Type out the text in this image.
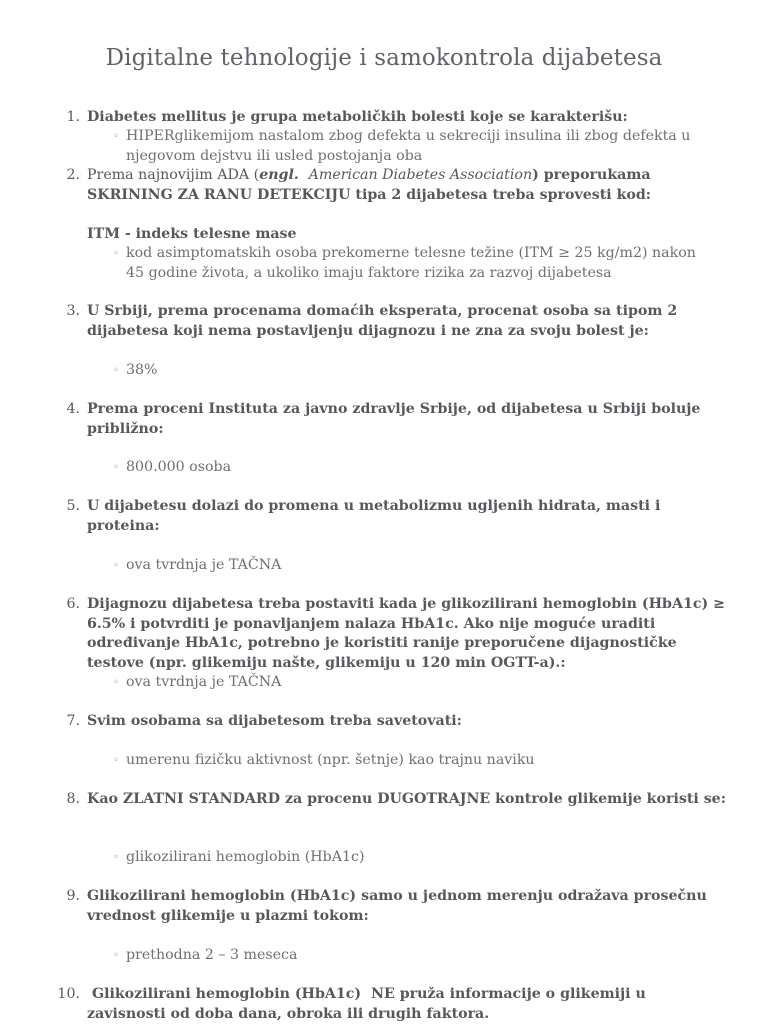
Digitalne tehnologije i samokontrola dijabetesa
1. Diabetes mellitus je grupa metaboličkih bolesti koje se karakterišu:

◦ HIPERglikemijom nastalom zbog defekta u sekreciji insulina ili zbog defekta u njegovom dejstvu ili usled postojanja oba

2. Prema najnovijim ADA (engl. American Diabetes Association) preporukama SKRINING ZA RANU DETEKCIJU tipa 2 dijabetesa treba sprovesti kod:

ITM - indeks telesne mase

◦ kod asimptomatskih osoba prekomerne telesne težine (ITM ≥ 25 kg/m2) nakon 45 godine života, a ukoliko imaju faktore rizika za razvoj dijabetesa

3. U Srbiji, prema procenama domaćih eksperata, procenat osoba sa tipom 2 dijabetesa koji nema postavljenju dijagnozu i ne zna za svoju bolest je:

◦ 38%

4. Prema proceni Instituta za javno zdravlje Srbije, od dijabetesa u Srbiji boluje približno:

◦ 800.000 osoba

5. U dijabetesu dolazi do promena u metabolizmu ugljenih hidrata, masti i proteina:

◦ ova tvrdnja je TAČNA

6. Dijagnozu dijabetesa treba postaviti kada je glikozilirani hemoglobin (HbA1c) ≥ 6.5% i potvrditi je ponavljanjem nalaza HbA1c. Ako nije moguće uraditi određivanje HbA1c, potrebno je koristiti ranije preporučene dijagnostičke testove (npr. glikemiju našte, glikemiju u 120 min OGTT-a).:

◦ ova tvrdnja je TAČNA

7. Svim osobama sa dijabetesom treba savetovati:

◦ umerenu fizičku aktivnost (npr. šetnje) kao trajnu naviku

8. Kao ZLATNI STANDARD za procenu DUGOTRAJNE kontrole glikemije koristi se:

◦ glikozilirani hemoglobin (HbA1c)

9. Glikozilirani hemoglobin (HbA1c) samo u jednom merenju odražava prosečnu vrednost glikemije u plazmi tokom:

◦ prethodna 2 – 3 meseca

10. Glikozilirani hemoglobin (HbA1c)  NE pruža informacije o glikemiji u zavisnosti od doba dana, obroka ili drugih faktora.
